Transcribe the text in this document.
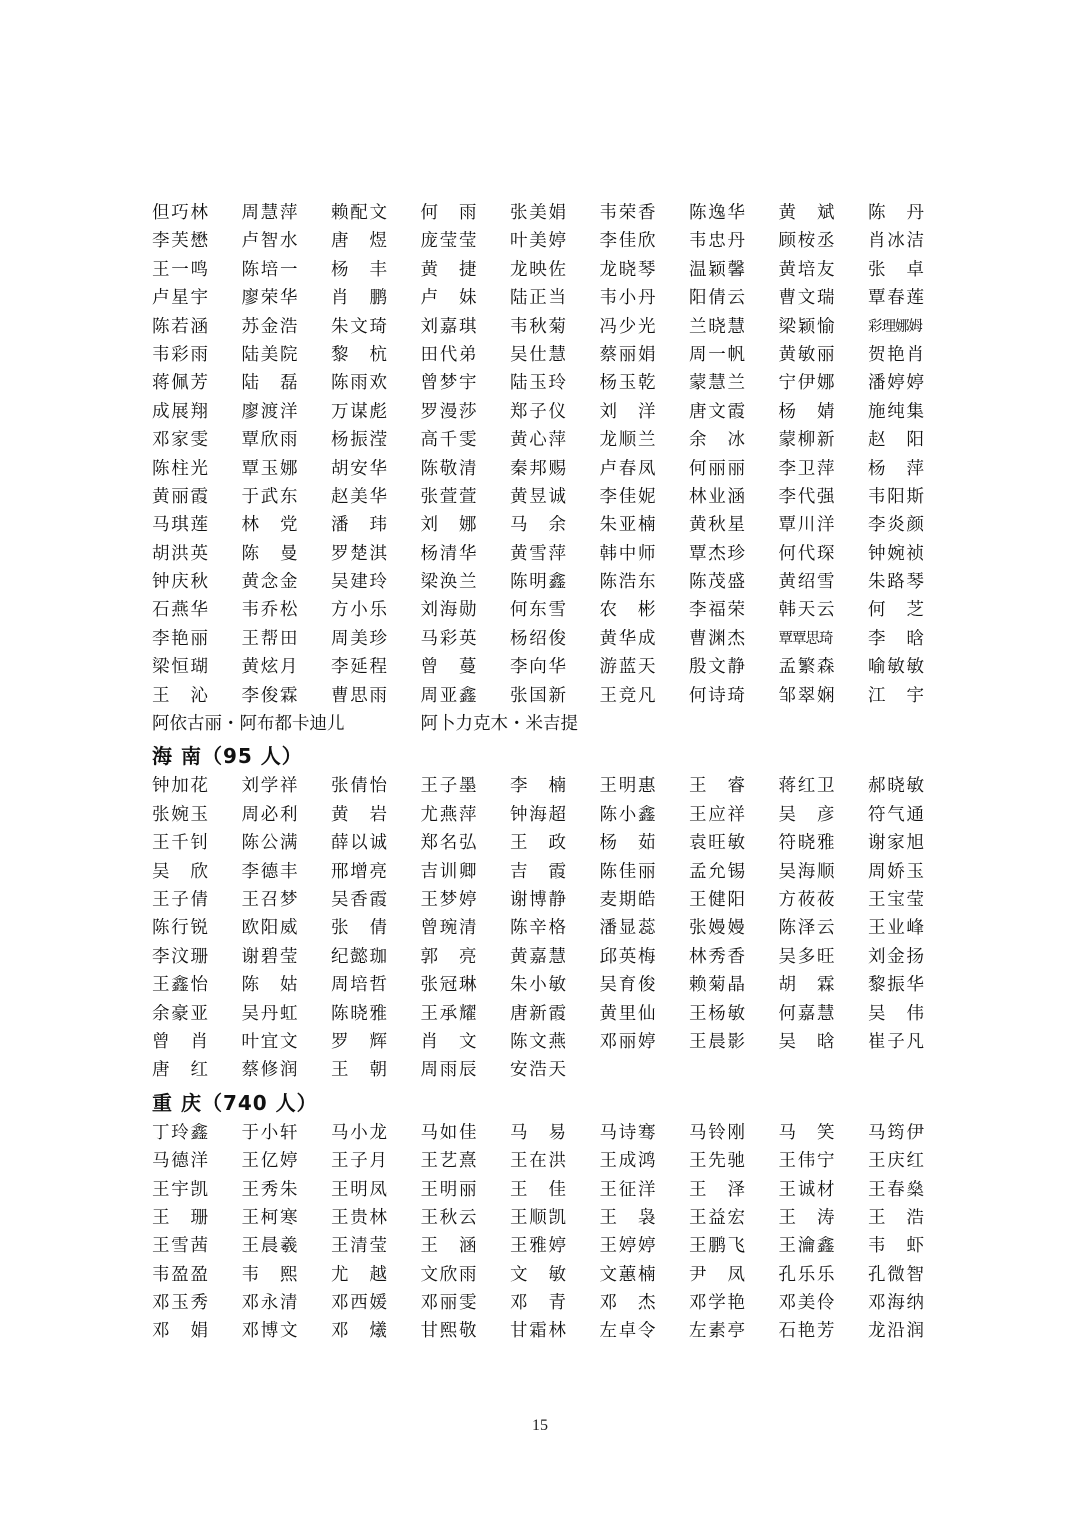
但巧林 周慧萍 赖配文 何　雨 张美娟 韦荣香 陈逸华 黄　斌 陈　丹
李芙懋 卢智水 唐　煜 庞莹莹 叶美婷 李佳欣 韦忠丹 顾桉丞 肖冰洁
王一鸣 陈培一 杨　丰 黄　捷 龙映佐 龙晓琴 温颖馨 黄培友 张　卓
卢星宇 廖荣华 肖　鹏 卢　妹 陆正当 韦小丹 阳倩云 曹文瑞 覃春莲
陈若涵 苏金浩 朱文琦 刘嘉琪 韦秋菊 冯少光 兰晓慧 梁颖愉 彩理娜姆
韦彩雨 陆美院 黎　杭 田代弟 吴仕慧 蔡丽娟 周一帆 黄敏丽 贺艳肖
蒋佩芳 陆　磊 陈雨欢 曾梦宇 陆玉玲 杨玉乾 蒙慧兰 宁伊娜 潘婷婷
成展翔 廖渡洋 万谋彪 罗漫莎 郑子仪 刘　洋 唐文霞 杨　婧 施纯集
邓家雯 覃欣雨 杨振滢 高千雯 黄心萍 龙顺兰 余　冰 蒙柳新 赵　阳
陈柱光 覃玉娜 胡安华 陈敬清 秦邦赐 卢春凤 何丽丽 李卫萍 杨　萍
黄丽霞 于武东 赵美华 张萱萱 黄昱诚 李佳妮 林业涵 李代强 韦阳斯
马琪莲 林　党 潘　玮 刘　娜 马　余 朱亚楠 黄秋星 覃川洋 李炎颜
胡洪英 陈　曼 罗楚淇 杨清华 黄雪萍 韩中师 覃杰珍 何代琛 钟婉祯
钟庆秋 黄念金 吴建玲 梁涣兰 陈明鑫 陈浩东 陈茂盛 黄绍雪 朱路琴
石燕华 韦乔松 方小乐 刘海勋 何东雪 农　彬 李福荣 韩天云 何　芝
李艳丽 王帮田 周美珍 马彩英 杨绍俊 黄华成 曹渊杰 覃覃思琦 李　晗
梁恒瑚 黄炫月 李延程 曾　蔓 李向华 游蓝天 殷文静 孟繁森 喻敏敏
王　沁 李俊霖 曹思雨 周亚鑫 张国新 王竞凡 何诗琦 邹翠娴 江　宇
阿依古丽・阿布都卡迪儿	阿卜力克木・米吉提
海 南（95 人）
钟加花 刘学祥 张倩怡 王子墨 李　楠 王明惠 王　睿 蒋红卫 郝晓敏
张婉玉 周必利 黄　岩 尤燕萍 钟海超 陈小鑫 王应祥 吴　彦 符气通
王千钊 陈公满 薛以诚 郑名弘 王　政 杨　茹 袁旺敏 符晓雅 谢家旭
吴　欣 李德丰 邢增亮 吉训卿 吉　霞 陈佳丽 孟允锡 吴海顺 周娇玉
王子倩 王召梦 吴香霞 王梦婷 谢博静 麦期皓 王健阳 方莜莜 王宝莹
陈行锐 欧阳威 张　倩 曾琬清 陈辛格 潘显蕊 张嫚嫚 陈泽云 王业峰
李汶珊 谢碧莹 纪懿珈 郭　亮 黄嘉慧 邱英梅 林秀香 吴多旺 刘金扬
王鑫怡 陈　姑 周培哲 张冠琳 朱小敏 吴育俊 赖菊晶 胡　霖 黎振华
余豪亚 吴丹虹 陈晓雅 王承耀 唐新霞 黄里仙 王杨敏 何嘉慧 吴　伟
曾　肖 叶宜文 罗　辉 肖　文 陈文燕 邓丽婷 王晨影 吴　晗 崔子凡
唐　红 蔡修润 王　朝 周雨辰 安浩天
重 庆（740 人）
丁玲鑫 于小轩 马小龙 马如佳 马　易 马诗骞 马铃刚 马　笑 马筠伊
马德洋 王亿婷 王子月 王艺熹 王在洪 王成鸿 王先驰 王伟宁 王庆红
王宇凯 王秀朱 王明凤 王明丽 王　佳 王征洋 王　泽 王诚材 王春燊
王　珊 王柯寒 王贵林 王秋云 王顺凯 王　袅 王益宏 王　涛 王　浩
王雪茜 王晨羲 王清莹 王　涵 王雅婷 王婷婷 王鹏飞 王瀹鑫 韦　虾
韦盈盈 韦　熙 尤　越 文欣雨 文　敏 文蕙楠 尹　凤 孔乐乐 孔微智
邓玉秀 邓永清 邓西媛 邓丽雯 邓　青 邓　杰 邓学艳 邓美伶 邓海纳
邓　娟 邓博文 邓　爔 甘熙敬 甘霜林 左卓令 左素亭 石艳芳 龙沿润
15
